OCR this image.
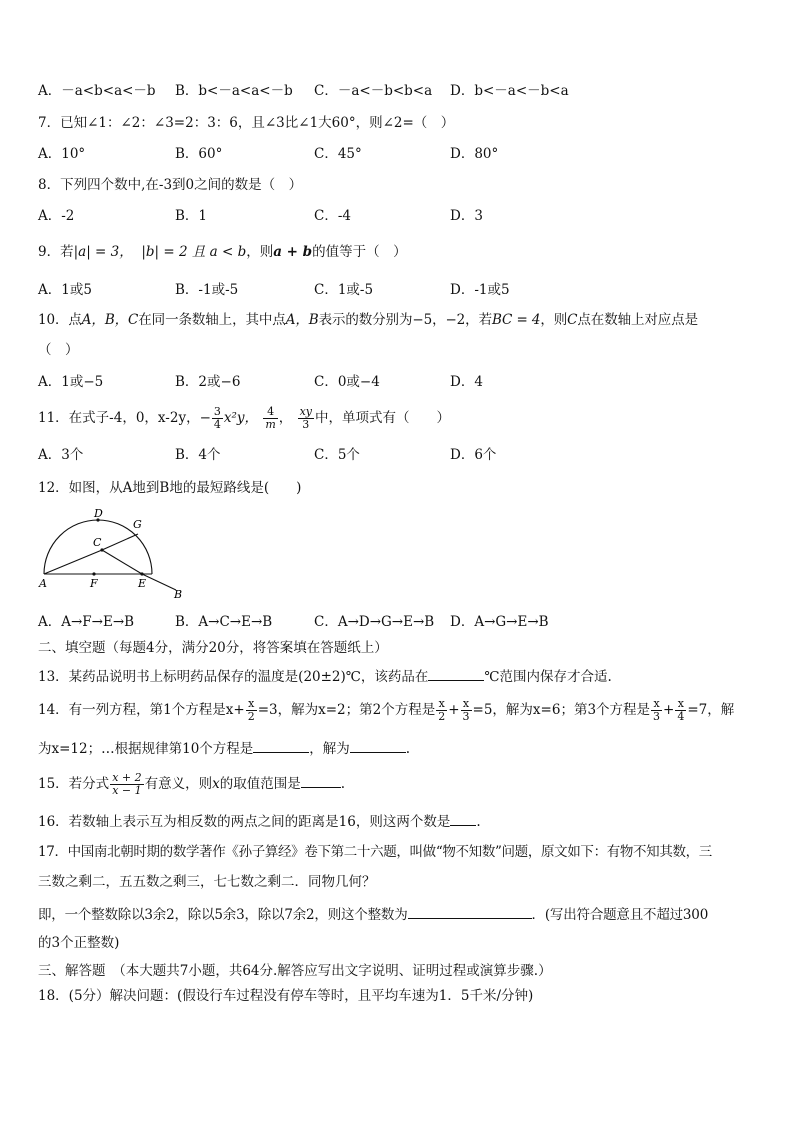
A．－a<b<a<－b B．b<－a<a<－b C．－a<－b<b<a D．b<－a<－b<a
7．已知∠1：∠2：∠3=2：3：6，且∠3比∠1大60°，则∠2=（　）
A．10°	B．60°	C．45°	D．80°
8．下列四个数中,在-3到0之间的数是（　）
A．-2	B．1	C．-4	D．3
9．若|a| = 3， |b| = 2 且 a < b，则a + b的值等于（　）
A．1或5	B．-1或-5	C．1或-5	D．-1或5
10．点A，B，C在同一条数轴上，其中点A，B表示的数分别为−5，−2，若BC = 4，则C点在数轴上对应点是
（　）
A．1或−5	B．2或−6	C．0或−4	D．4
11．在式子-4，0，x-2y，− $\frac{3}{4} x^2y$， $\frac{4}{m}$ ， $\frac{xy}{3}$ 中，单项式有（　　）
A．3个	B．4个	C．5个	D．6个
12．如图，从A地到B地的最短路线是(　　)
D
G
C
A	F	E
B
A．A→F→E→B	B．A→C→E→B	C．A→D→G→E→B D．A→G→E→B
二、填空题（每题4分，满分20分，将答案填在答题纸上）
13．某药品说明书上标明药品保存的温度是(20±2)℃，该药品在	℃范围内保存才合适.
14．有一列方程，第1个方程是$x+ \frac{x}{2} =3$，解为x=2；第2个方程是 $\frac{x}{2} + \frac{x}{3} =5$，解为x=6；第3个方程是 $\frac{x}{3} + \frac{x}{4} =7$，解
为x=12；…根据规律第10个方程是	，解为	.
15．若分式 $\frac{x + 2}{x - 1}$ 有意义，则x的取值范围是	.
16．若数轴上表示互为相反数的两点之间的距离是16，则这两个数是 .
17．中国南北朝时期的数学著作《孙子算经》卷下第二十六题，叫做“物不知数”问题，原文如下：有物不知其数，三
三数之剩二，五五数之剩三，七七数之剩二．同物几何？
即，一个整数除以3余2，除以5余3，除以7余2，则这个整数为	．(写出符合题意且不超过300
的3个正整数)
三、解答题　（本大题共7小题，共64分.解答应写出文字说明、证明过程或演算步骤.）
18．(5分）解决问题：(假设行车过程没有停车等时，且平均车速为1．5千米/分钟)
